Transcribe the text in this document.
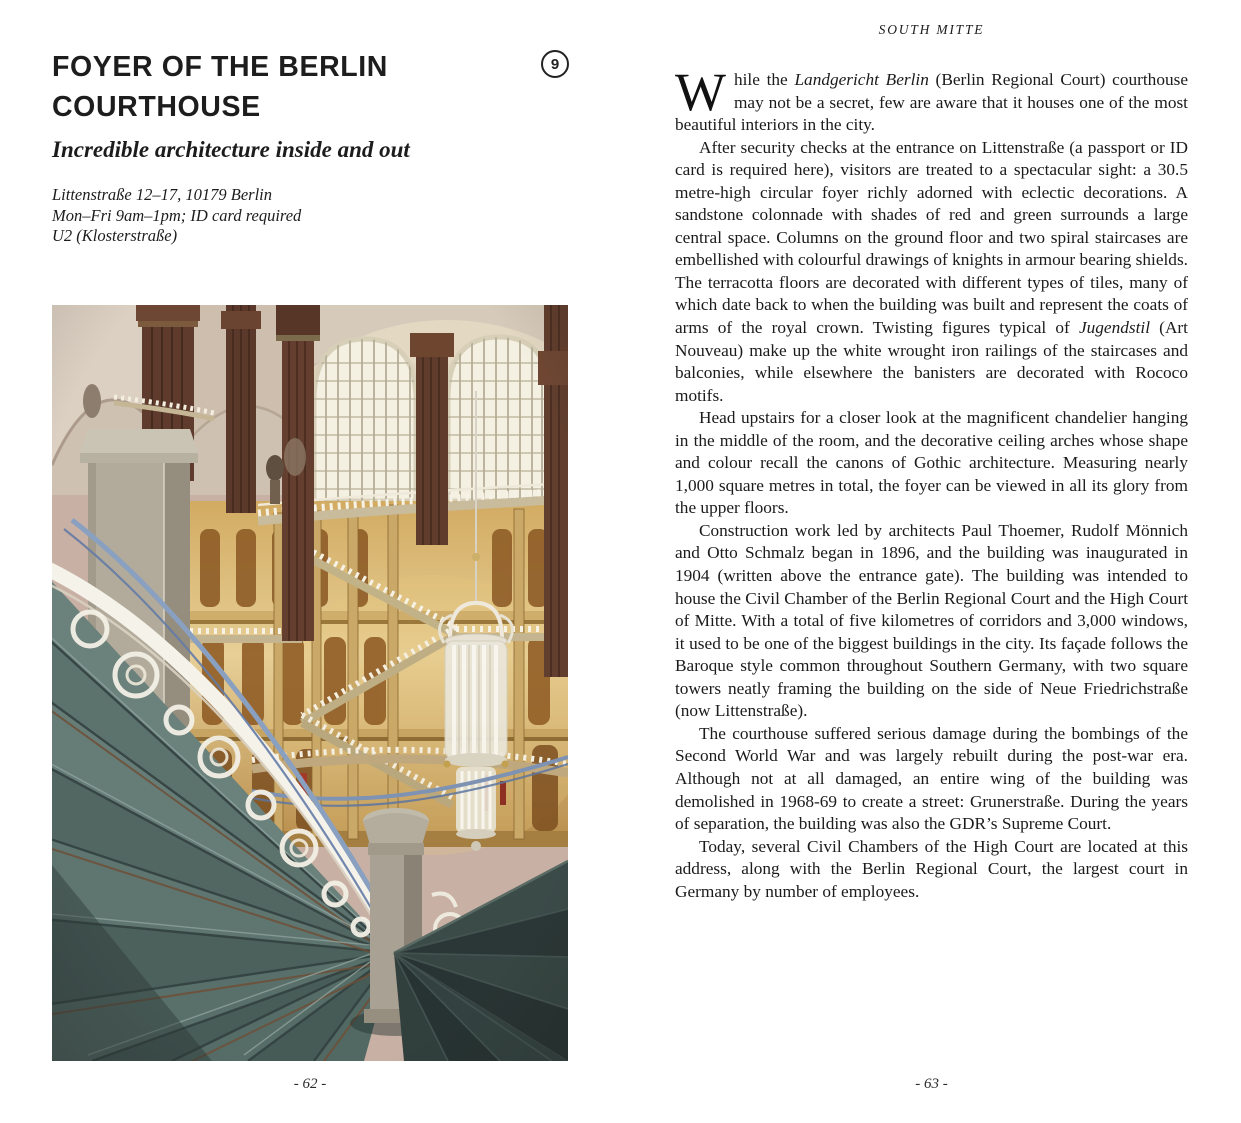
FOYER OF THE BERLIN COURTHOUSE
9
Incredible architecture inside and out
Littenstraße 12–17, 10179 Berlin
Mon–Fri 9am–1pm; ID card required
U2 (Klosterstraße)
- 62 -
SOUTH MITTE

While the Landgericht Berlin (Berlin Regional Court) courthouse may not be a secret, few are aware that it houses one of the most beautiful interiors in the city.

After security checks at the entrance on Littenstraße (a passport or ID card is required here), visitors are treated to a spectacular sight: a 30.5 metre-high circular foyer richly adorned with eclectic decorations. A sandstone colonnade with shades of red and green surrounds a large central space. Columns on the ground floor and two spiral staircases are embellished with colourful drawings of knights in armour bearing shields. The terracotta floors are decorated with different types of tiles, many of which date back to when the building was built and represent the coats of arms of the royal crown. Twisting figures typical of Jugendstil (Art Nouveau) make up the white wrought iron railings of the staircases and balconies, while elsewhere the banisters are decorated with Rococo motifs.

Head upstairs for a closer look at the magnificent chandelier hanging in the middle of the room, and the decorative ceiling arches whose shape and colour recall the canons of Gothic architecture. Measuring nearly 1,000 square metres in total, the foyer can be viewed in all its glory from the upper floors.

Construction work led by architects Paul Thoemer, Rudolf Mönnich and Otto Schmalz began in 1896, and the building was inaugurated in 1904 (written above the entrance gate). The building was intended to house the Civil Chamber of the Berlin Regional Court and the High Court of Mitte. With a total of five kilometres of corridors and 3,000 windows, it used to be one of the biggest buildings in the city. Its façade follows the Baroque style common throughout Southern Germany, with two square towers neatly framing the building on the side of Neue Friedrichstraße (now Littenstraße).

The courthouse suffered serious damage during the bombings of the Second World War and was largely rebuilt during the post-war era. Although not at all damaged, an entire wing of the building was demolished in 1968-69 to create a street: Grunerstraße. During the years of separation, the building was also the GDR’s Supreme Court.

Today, several Civil Chambers of the High Court are located at this address, along with the Berlin Regional Court, the largest court in Germany by number of employees.

- 63 -
